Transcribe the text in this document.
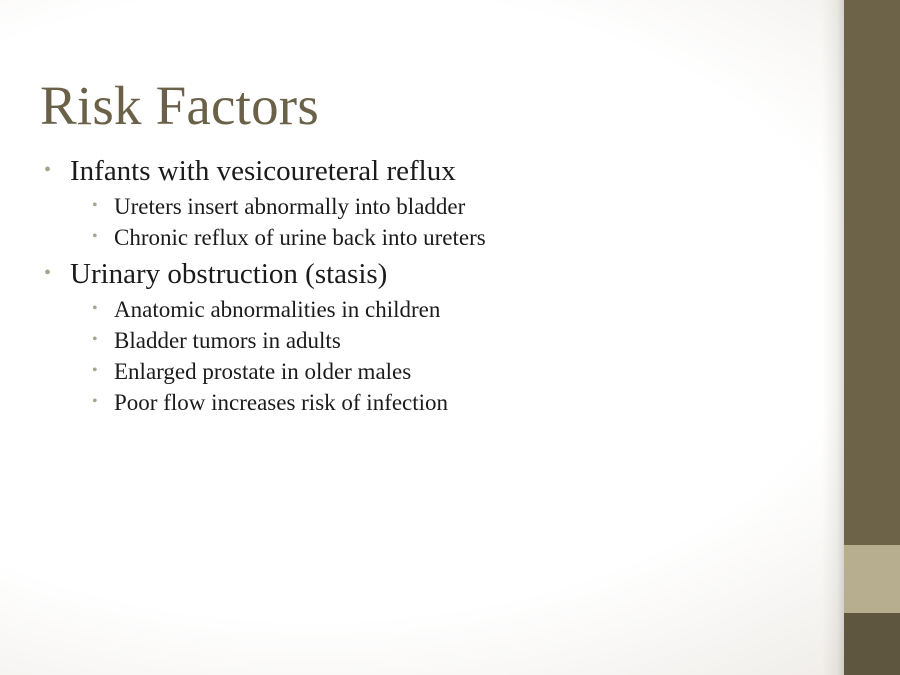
Risk Factors
• Infants with vesicoureteral reflux
• Ureters insert abnormally into bladder
• Chronic reflux of urine back into ureters
• Urinary obstruction (stasis)
• Anatomic abnormalities in children
• Bladder tumors in adults
• Enlarged prostate in older males
• Poor flow increases risk of infection
